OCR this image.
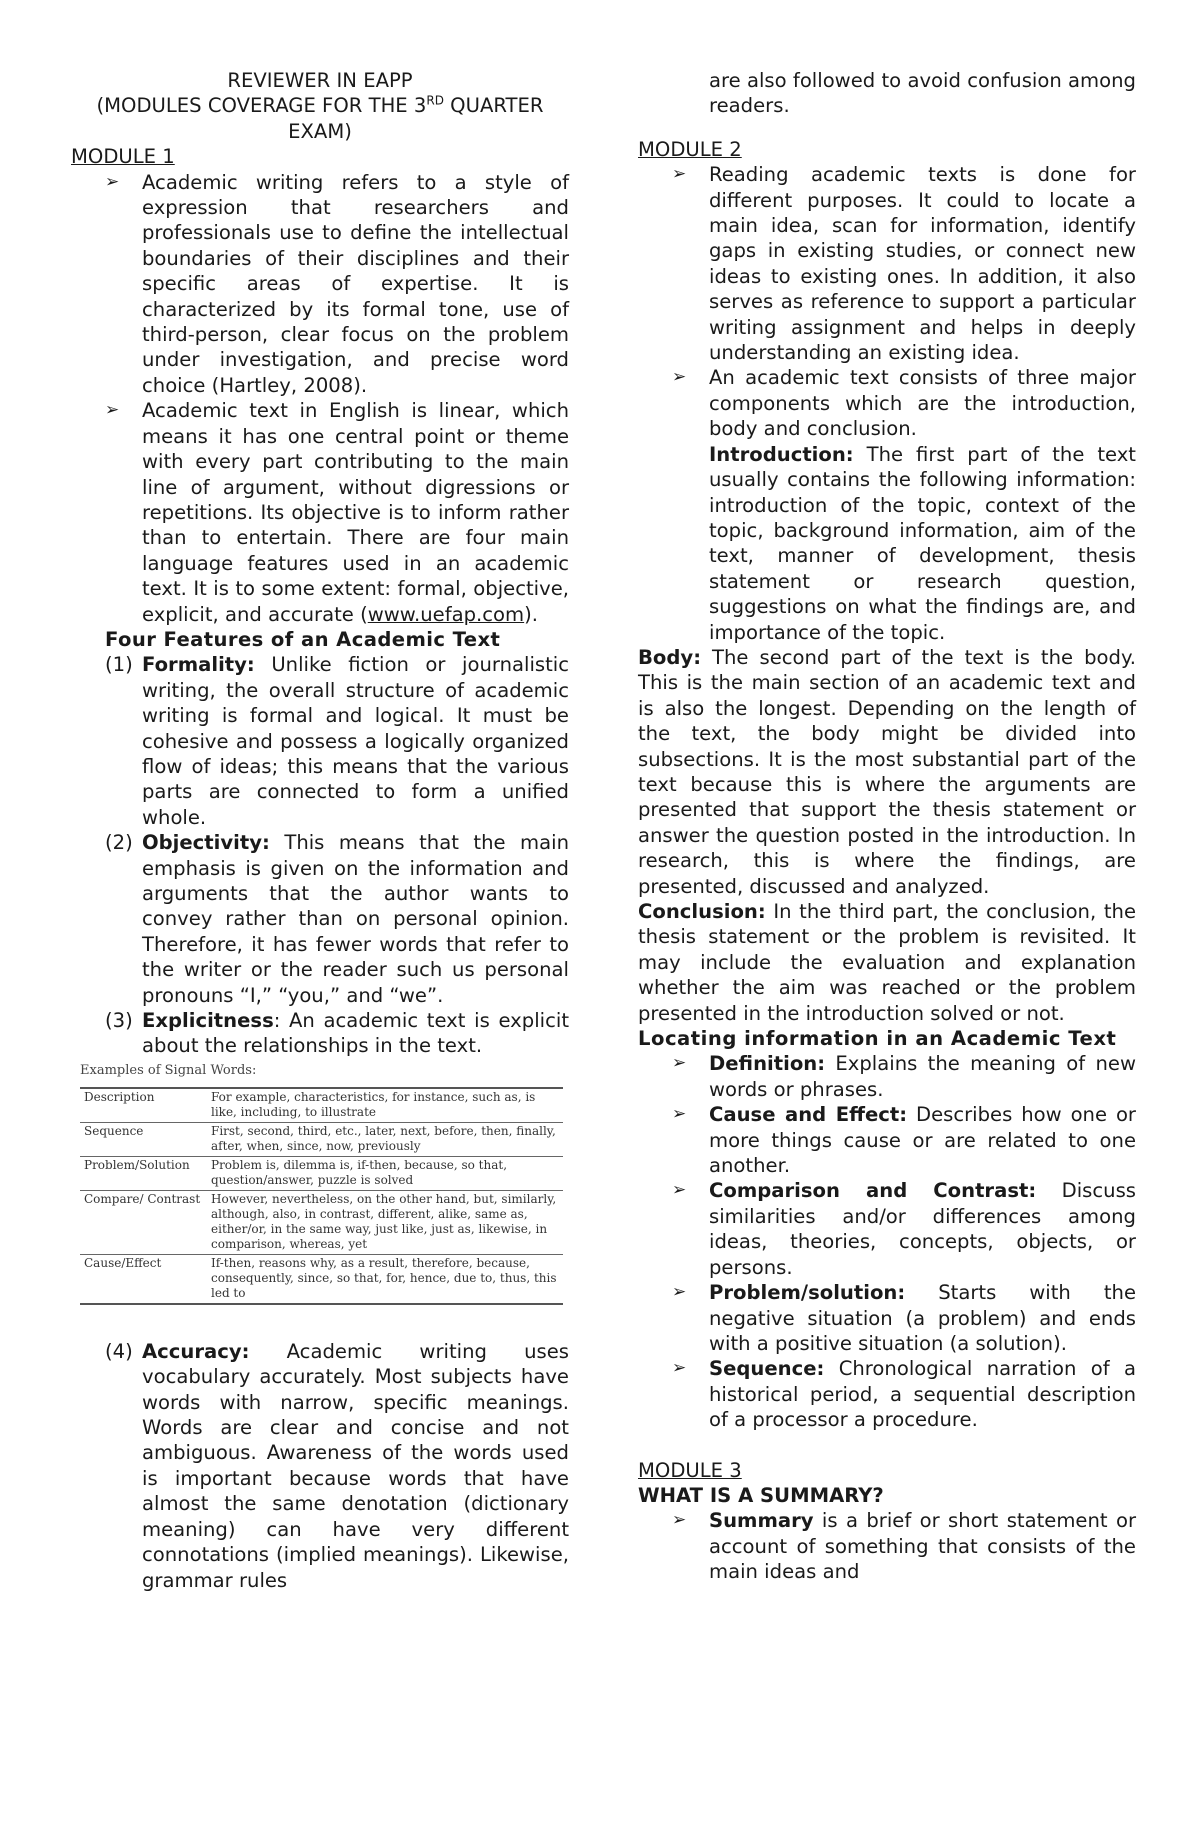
REVIEWER IN EAPP

(MODULES COVERAGE FOR THE 3RD QUARTER EXAM)

MODULE 1

➢ Academic writing refers to a style of expression that researchers and professionals use to define the intellectual boundaries of their disciplines and their specific areas of expertise. It is characterized by its formal tone, use of third-person, clear focus on the problem under investigation, and precise word choice (Hartley, 2008).

➢ Academic text in English is linear, which means it has one central point or theme with every part contributing to the main line of argument, without digressions or repetitions. Its objective is to inform rather than to entertain. There are four main language features used in an academic text. It is to some extent: formal, objective, explicit, and accurate (www.uefap.com).

Four Features of an Academic Text

(1) Formality: Unlike fiction or journalistic writing, the overall structure of academic writing is formal and logical. It must be cohesive and possess a logically organized flow of ideas; this means that the various parts are connected to form a unified whole.

(2) Objectivity: This means that the main emphasis is given on the information and arguments that the author wants to convey rather than on personal opinion. Therefore, it has fewer words that refer to the writer or the reader such us personal pronouns “I,” “you,” and “we”.

(3) Explicitness: An academic text is explicit about the relationships in the text.

Examples of Signal Words:
Description	For example, characteristics, for instance, such as, is like, including, to illustrate
Sequence	First, second, third, etc., later, next, before, then, finally, after, when, since, now, previously
Problem/Solution	Problem is, dilemma is, if-then, because, so that, question/answer, puzzle is solved
Compare/ Contrast	However, nevertheless, on the other hand, but, similarly, although, also, in contrast, different, alike, same as, either/or, in the same way, just like, just as, likewise, in comparison, whereas, yet
Cause/Effect	If-then, reasons why, as a result, therefore, because, consequently, since, so that, for, hence, due to, thus, this led to

(4) Accuracy: Academic writing uses vocabulary accurately. Most subjects have words with narrow, specific meanings. Words are clear and concise and not ambiguous. Awareness of the words used is important because words that have almost the same denotation (dictionary meaning) can have very different connotations (implied meanings). Likewise, grammar rules

are also followed to avoid confusion among readers.

MODULE 2

➢ Reading academic texts is done for different purposes. It could to locate a main idea, scan for information, identify gaps in existing studies, or connect new ideas to existing ones. In addition, it also serves as reference to support a particular writing assignment and helps in deeply understanding an existing idea.

➢ An academic text consists of three major components which are the introduction, body and conclusion.

Introduction: The first part of the text usually contains the following information: introduction of the topic, context of the topic, background information, aim of the text, manner of development, thesis statement or research question, suggestions on what the findings are, and importance of the topic.

Body: The second part of the text is the body. This is the main section of an academic text and is also the longest. Depending on the length of the text, the body might be divided into subsections. It is the most substantial part of the text because this is where the arguments are presented that support the thesis statement or answer the question posted in the introduction. In research, this is where the findings, are presented, discussed and analyzed.

Conclusion: In the third part, the conclusion, the thesis statement or the problem is revisited. It may include the evaluation and explanation whether the aim was reached or the problem presented in the introduction solved or not.

Locating information in an Academic Text

➢ Definition: Explains the meaning of new words or phrases.

➢ Cause and Effect: Describes how one or more things cause or are related to one another.

➢ Comparison and Contrast: Discuss similarities and/or differences among ideas, theories, concepts, objects, or persons.

➢ Problem/solution: Starts with the negative situation (a problem) and ends with a positive situation (a solution).

➢ Sequence: Chronological narration of a historical period, a sequential description of a processor a procedure.

MODULE 3

WHAT IS A SUMMARY?

➢ Summary is a brief or short statement or account of something that consists of the main ideas and
